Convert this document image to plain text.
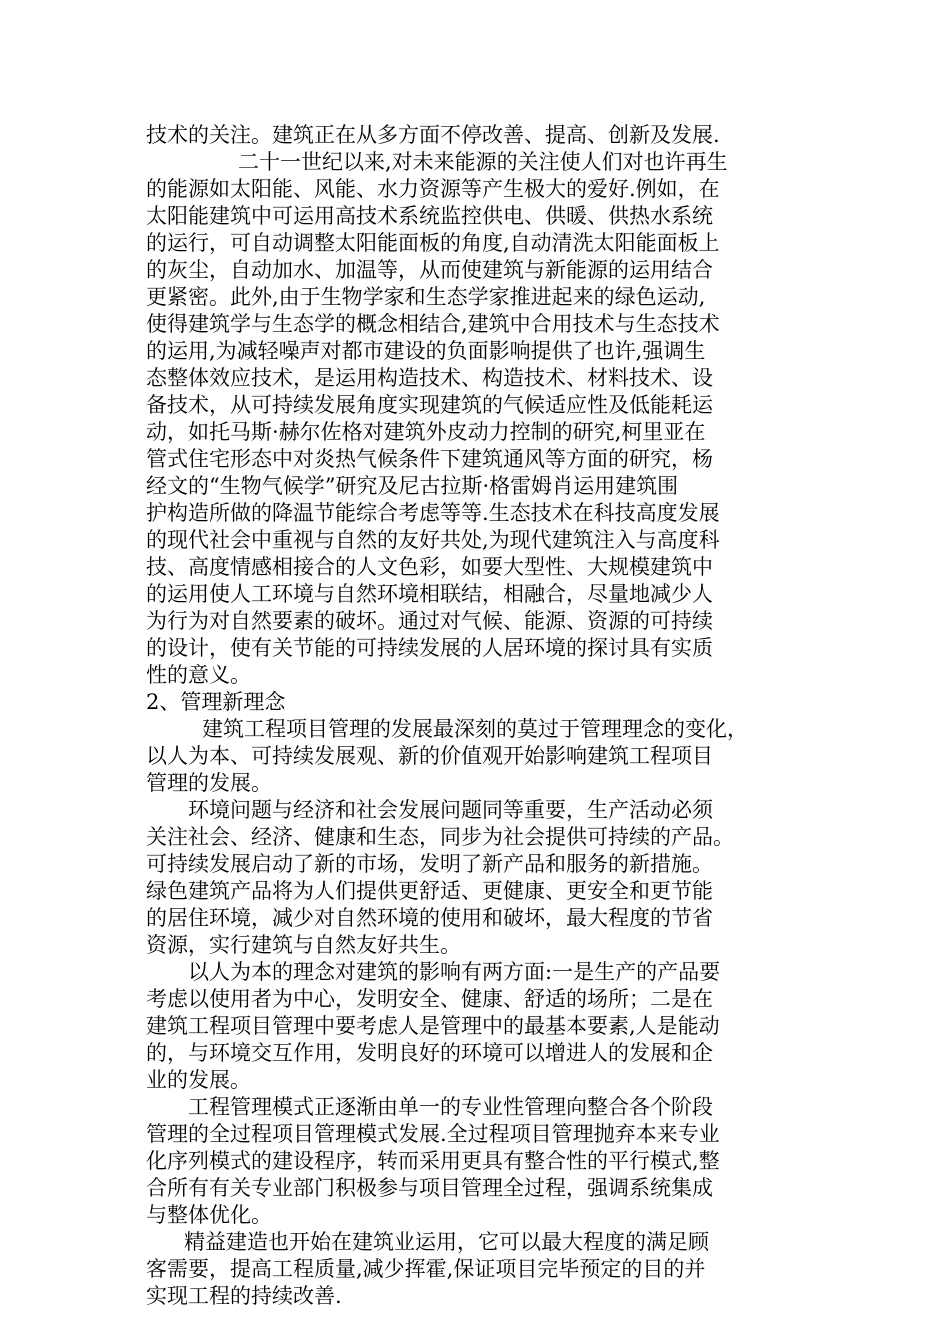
技术的关注。建筑正在从多方面不停改善、提高、创新及发展.
二十一世纪以来,对未来能源的关注使人们对也许再生
的能源如太阳能、风能、水力资源等产生极大的爱好.例如，在
太阳能建筑中可运用高技术系统监控供电、供暖、供热水系统
的运行，可自动调整太阳能面板的角度,自动清洗太阳能面板上
的灰尘，自动加水、加温等，从而使建筑与新能源的运用结合
更紧密。此外,由于生物学家和生态学家推进起来的绿色运动,
使得建筑学与生态学的概念相结合,建筑中合用技术与生态技术
的运用,为减轻噪声对都市建设的负面影响提供了也许,强调生
态整体效应技术，是运用构造技术、构造技术、材料技术、设
备技术，从可持续发展角度实现建筑的气候适应性及低能耗运
动，如托马斯·赫尔佐格对建筑外皮动力控制的研究,柯里亚在
管式住宅形态中对炎热气候条件下建筑通风等方面的研究，杨
经文的“生物气候学”研究及尼古拉斯·格雷姆肖运用建筑围
护构造所做的降温节能综合考虑等等.生态技术在科技高度发展
的现代社会中重视与自然的友好共处,为现代建筑注入与高度科
技、高度情感相接合的人文色彩，如要大型性、大规模建筑中
的运用使人工环境与自然环境相联结，相融合，尽量地减少人
为行为对自然要素的破坏。通过对气候、能源、资源的可持续
的设计，使有关节能的可持续发展的人居环境的探讨具有实质
性的意义。
2、管理新理念
建筑工程项目管理的发展最深刻的莫过于管理理念的变化，
以人为本、可持续发展观、新的价值观开始影响建筑工程项目
管理的发展。
环境问题与经济和社会发展问题同等重要，生产活动必须
关注社会、经济、健康和生态，同步为社会提供可持续的产品。
可持续发展启动了新的市场，发明了新产品和服务的新措施。
绿色建筑产品将为人们提供更舒适、更健康、更安全和更节能
的居住环境，减少对自然环境的使用和破坏，最大程度的节省
资源，实行建筑与自然友好共生。
以人为本的理念对建筑的影响有两方面:一是生产的产品要
考虑以使用者为中心，发明安全、健康、舒适的场所；二是在
建筑工程项目管理中要考虑人是管理中的最基本要素,人是能动
的，与环境交互作用，发明良好的环境可以增进人的发展和企
业的发展。
工程管理模式正逐渐由单一的专业性管理向整合各个阶段
管理的全过程项目管理模式发展.全过程项目管理抛弃本来专业
化序列模式的建设程序，转而采用更具有整合性的平行模式,整
合所有有关专业部门积极参与项目管理全过程，强调系统集成
与整体优化。
精益建造也开始在建筑业运用，它可以最大程度的满足顾
客需要，提高工程质量,减少挥霍,保证项目完毕预定的目的并
实现工程的持续改善.
